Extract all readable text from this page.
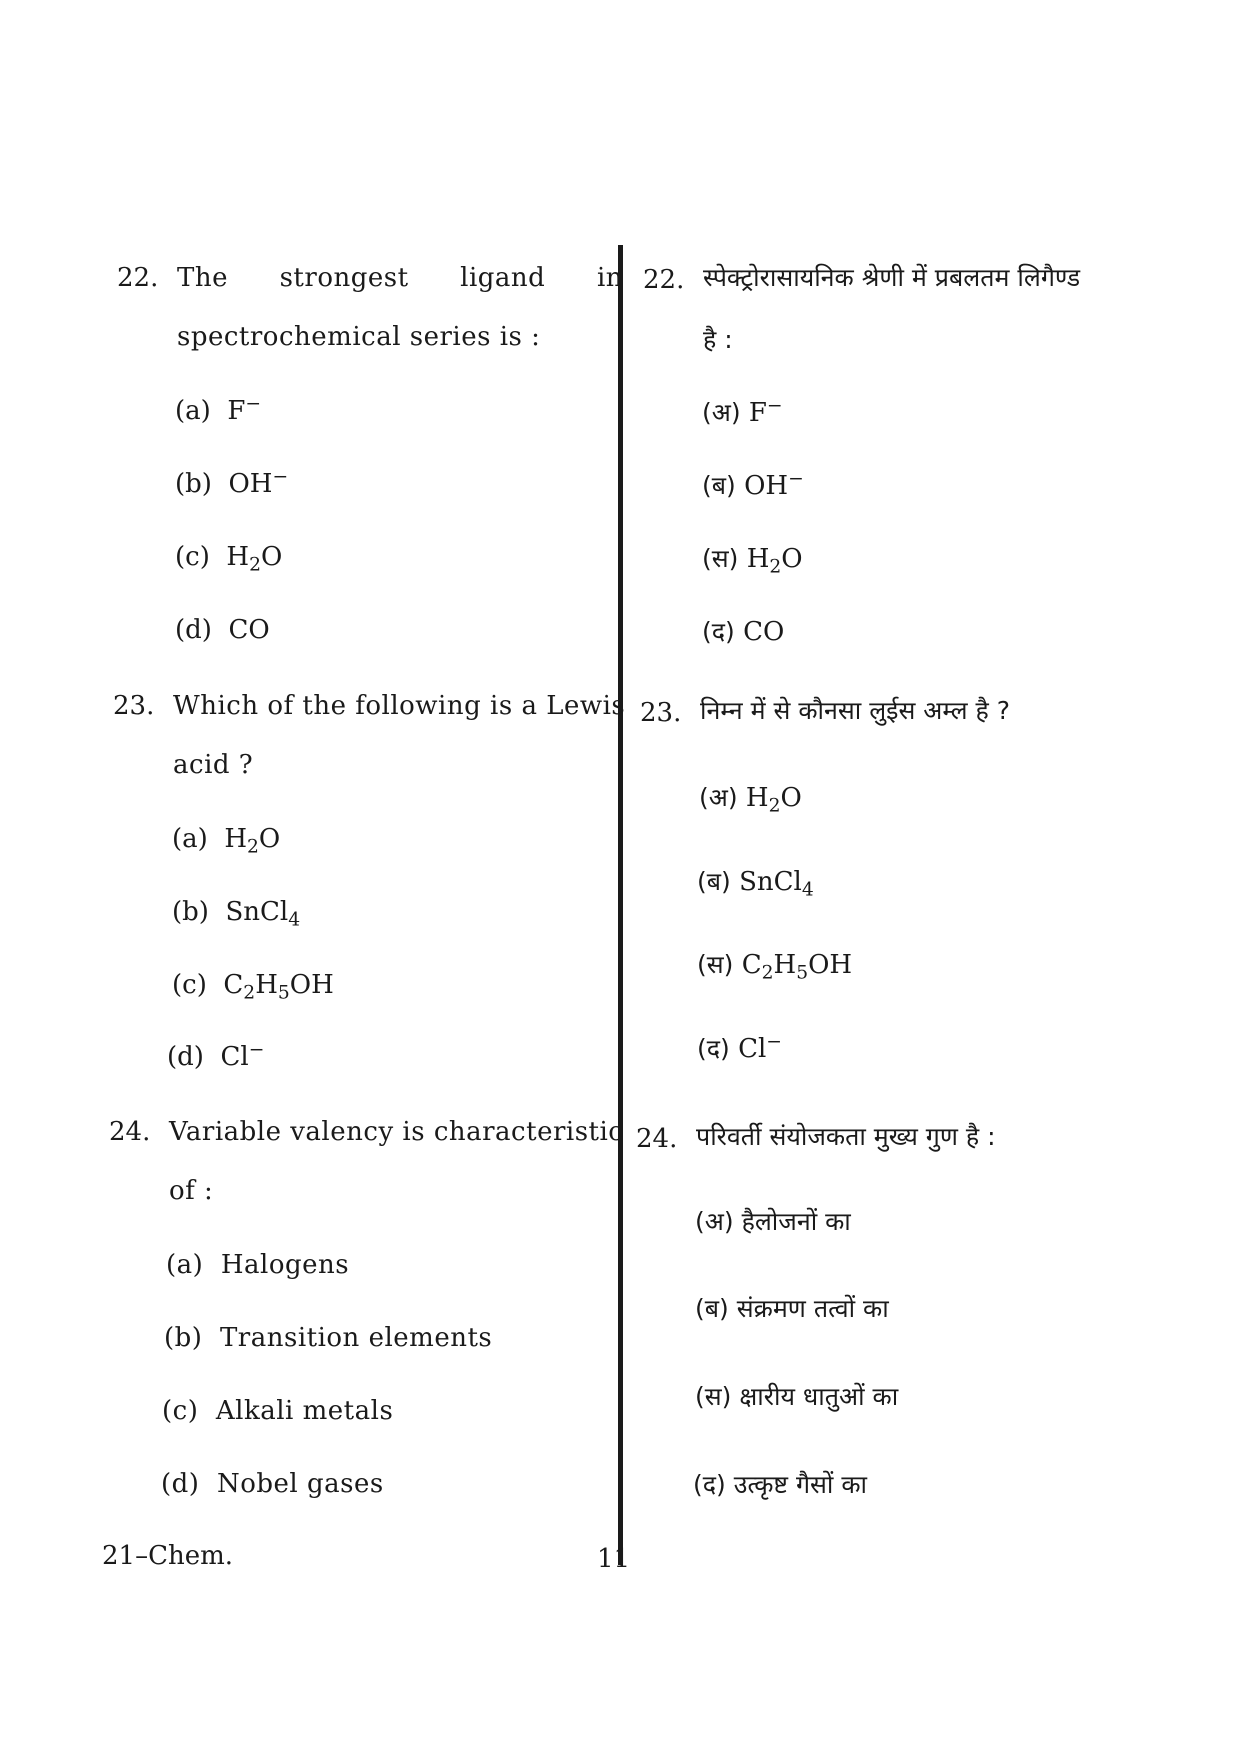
22. The strongest ligand in
spectrochemical series is :
(a) F−
(b) OH−
(c) $H_2O$
(d) CO
23. Which of the following is a Lewis
acid ?
(a) $H_2O$
(b) SnCl$_4$
(c) $C_2H_5OH$
(d) Cl−
24. Variable valency is characteristic
of :
(a) Halogens
(b) Transition elements
(c) Alkali metals
(d) Nobel gases
22. स्पेक्ट्रोरासायनिक श्रेणी में प्रबलतम लिगैण्ड
है :
(अ) F−
(ब) OH−
(स) $H_2O$
(द) CO
23. निम्न में से कौनसा लुईस अम्ल है ?
(अ) $H_2O$
(ब) SnCl$_4$
(स) $C_2H_5OH$
(द) Cl−
24. परिवर्ती संयोजकता मुख्य गुण है :
(अ) हैलोजनों का
(ब) संक्रमण तत्वों का
(स) क्षारीय धातुओं का
(द) उत्कृष्ट गैसों का
21–Chem.	11
